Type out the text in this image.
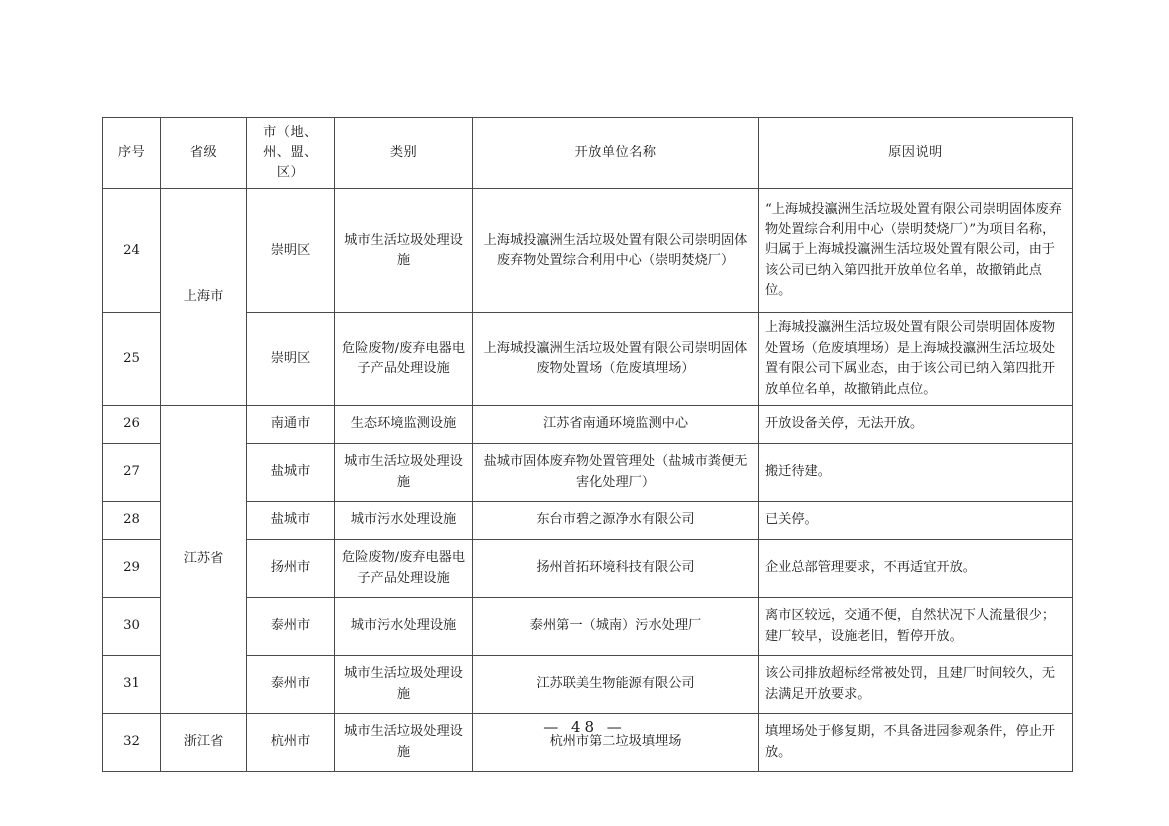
序号	省级	市（地、州、盟、区）	类别	开放单位名称	原因说明
24	上海市	崇明区	城市生活垃圾处理设施	上海城投瀛洲生活垃圾处置有限公司崇明固体废弃物处置综合利用中心（崇明焚烧厂）	“上海城投瀛洲生活垃圾处置有限公司崇明固体废弃物处置综合利用中心（崇明焚烧厂）”为项目名称，归属于上海城投瀛洲生活垃圾处置有限公司，由于该公司已纳入第四批开放单位名单，故撤销此点位。
25		崇明区	危险废物/废弃电器电子产品处理设施	上海城投瀛洲生活垃圾处置有限公司崇明固体废物处置场（危废填埋场）	上海城投瀛洲生活垃圾处置有限公司崇明固体废物处置场（危废填埋场）是上海城投瀛洲生活垃圾处置有限公司下属业态，由于该公司已纳入第四批开放单位名单，故撤销此点位。
26	江苏省	南通市	生态环境监测设施	江苏省南通环境监测中心	开放设备关停，无法开放。
27		盐城市	城市生活垃圾处理设施	盐城市固体废弃物处置管理处（盐城市粪便无害化处理厂）	搬迁待建。
28		盐城市	城市污水处理设施	东台市碧之源净水有限公司	已关停。
29		扬州市	危险废物/废弃电器电子产品处理设施	扬州首拓环境科技有限公司	企业总部管理要求，不再适宜开放。
30		泰州市	城市污水处理设施	泰州第一（城南）污水处理厂	离市区较远，交通不便，自然状况下人流量很少；建厂较早，设施老旧，暂停开放。
31		泰州市	城市生活垃圾处理设施	江苏联美生物能源有限公司	该公司排放超标经常被处罚，且建厂时间较久，无法满足开放要求。
32	浙江省	杭州市	城市生活垃圾处理设施	杭州市第二垃圾填埋场	填埋场处于修复期，不具备进园参观条件，停止开放。
— 48 —
